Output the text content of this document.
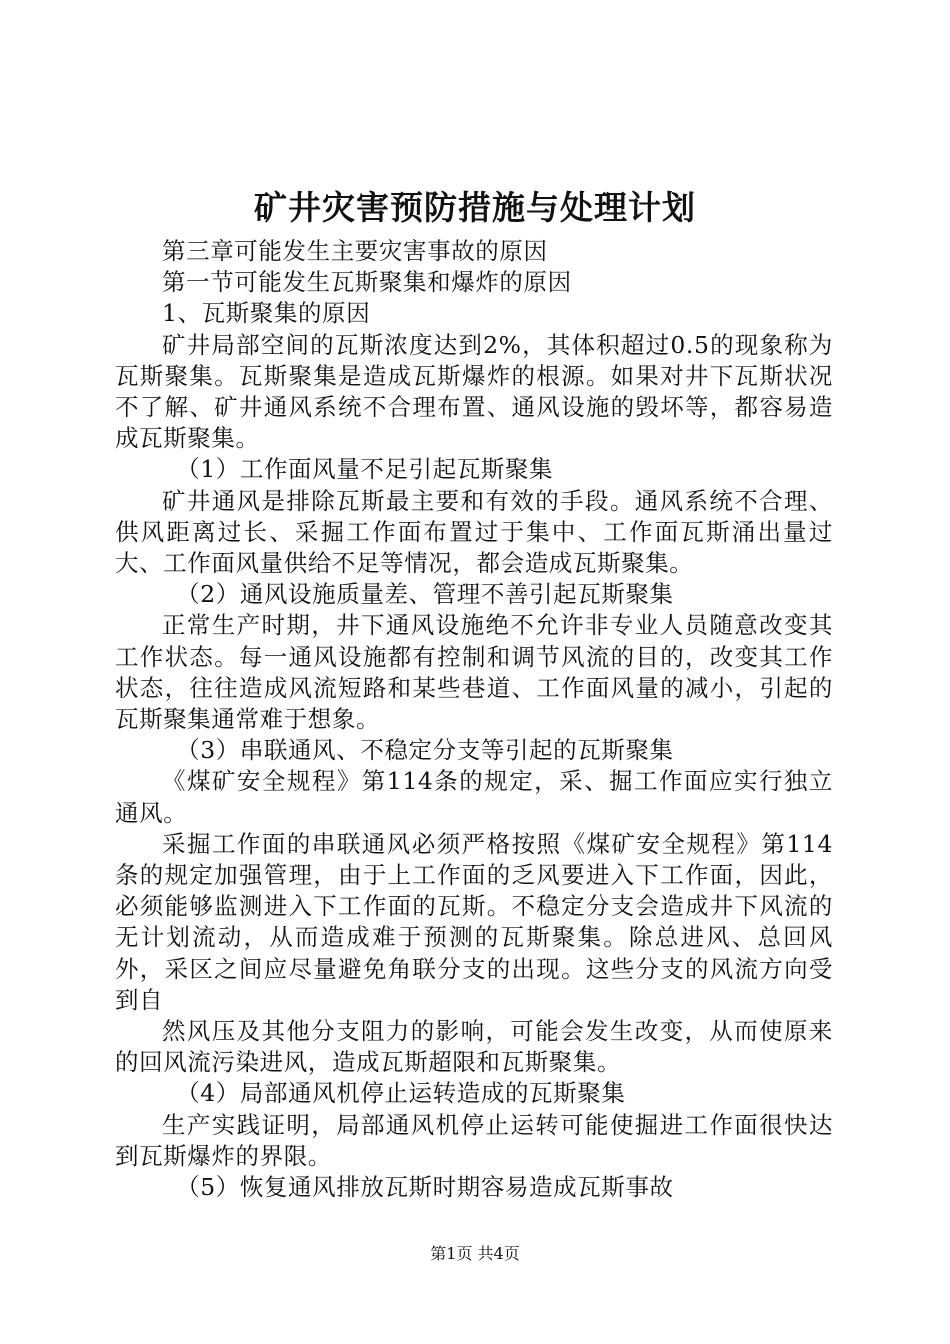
矿井灾害预防措施与处理计划

第三章可能发生主要灾害事故的原因

第一节可能发生瓦斯聚集和爆炸的原因

1、瓦斯聚集的原因

矿井局部空间的瓦斯浓度达到2%，其体积超过0.5的现象称为瓦斯聚集。瓦斯聚集是造成瓦斯爆炸的根源。如果对井下瓦斯状况不了解、矿井通风系统不合理布置、通风设施的毁坏等，都容易造成瓦斯聚集。

（1）工作面风量不足引起瓦斯聚集

矿井通风是排除瓦斯最主要和有效的手段。通风系统不合理、供风距离过长、采掘工作面布置过于集中、工作面瓦斯涌出量过大、工作面风量供给不足等情况，都会造成瓦斯聚集。

（2）通风设施质量差、管理不善引起瓦斯聚集

正常生产时期，井下通风设施绝不允许非专业人员随意改变其工作状态。每一通风设施都有控制和调节风流的目的，改变其工作状态，往往造成风流短路和某些巷道、工作面风量的减小，引起的瓦斯聚集通常难于想象。

（3）串联通风、不稳定分支等引起的瓦斯聚集

《煤矿安全规程》第114条的规定，采、掘工作面应实行独立通风。

采掘工作面的串联通风必须严格按照《煤矿安全规程》第114条的规定加强管理，由于上工作面的乏风要进入下工作面，因此，必须能够监测进入下工作面的瓦斯。不稳定分支会造成井下风流的无计划流动，从而造成难于预测的瓦斯聚集。除总进风、总回风外，采区之间应尽量避免角联分支的出现。这些分支的风流方向受到自

然风压及其他分支阻力的影响，可能会发生改变，从而使原来的回风流污染进风，造成瓦斯超限和瓦斯聚集。

（4）局部通风机停止运转造成的瓦斯聚集

生产实践证明，局部通风机停止运转可能使掘进工作面很快达到瓦斯爆炸的界限。

（5）恢复通风排放瓦斯时期容易造成瓦斯事故

第1页 共4页
